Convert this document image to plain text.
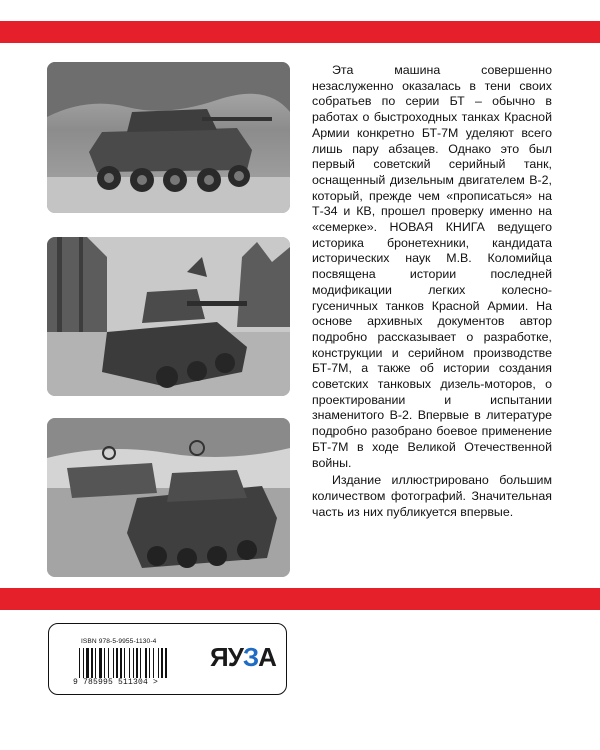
Эта машина совершенно незаслуженно оказалась в тени своих собратьев по серии БТ – обычно в работах о быстроходных танках Красной Армии конкретно БТ-7М уделяют всего лишь пару абзацев. Однако это был первый советский серийный танк, оснащенный дизельным двигателем В-2, который, прежде чем «прописаться» на Т-34 и КВ, прошел проверку именно на «семерке». НОВАЯ КНИГА ведущего историка бронетехники, кандидата исторических наук М.В. Коломийца посвящена истории последней модификации легких колесно-гусеничных танков Красной Армии. На основе архивных документов автор подробно рассказывает о разработке, конструкции и серийном производстве БТ-7М, а также об истории создания советских танковых дизель-моторов, о проектировании и испытании знаменитого В-2. Впервые в литературе подробно разобрано боевое применение БТ-7М в ходе Великой Отечественной войны.

Издание иллюстрировано большим количеством фотографий. Значительная часть из них публикуется впервые.

ISBN 978-5-9955-1130-4
9 785995 511304 >
ЯУЗА
